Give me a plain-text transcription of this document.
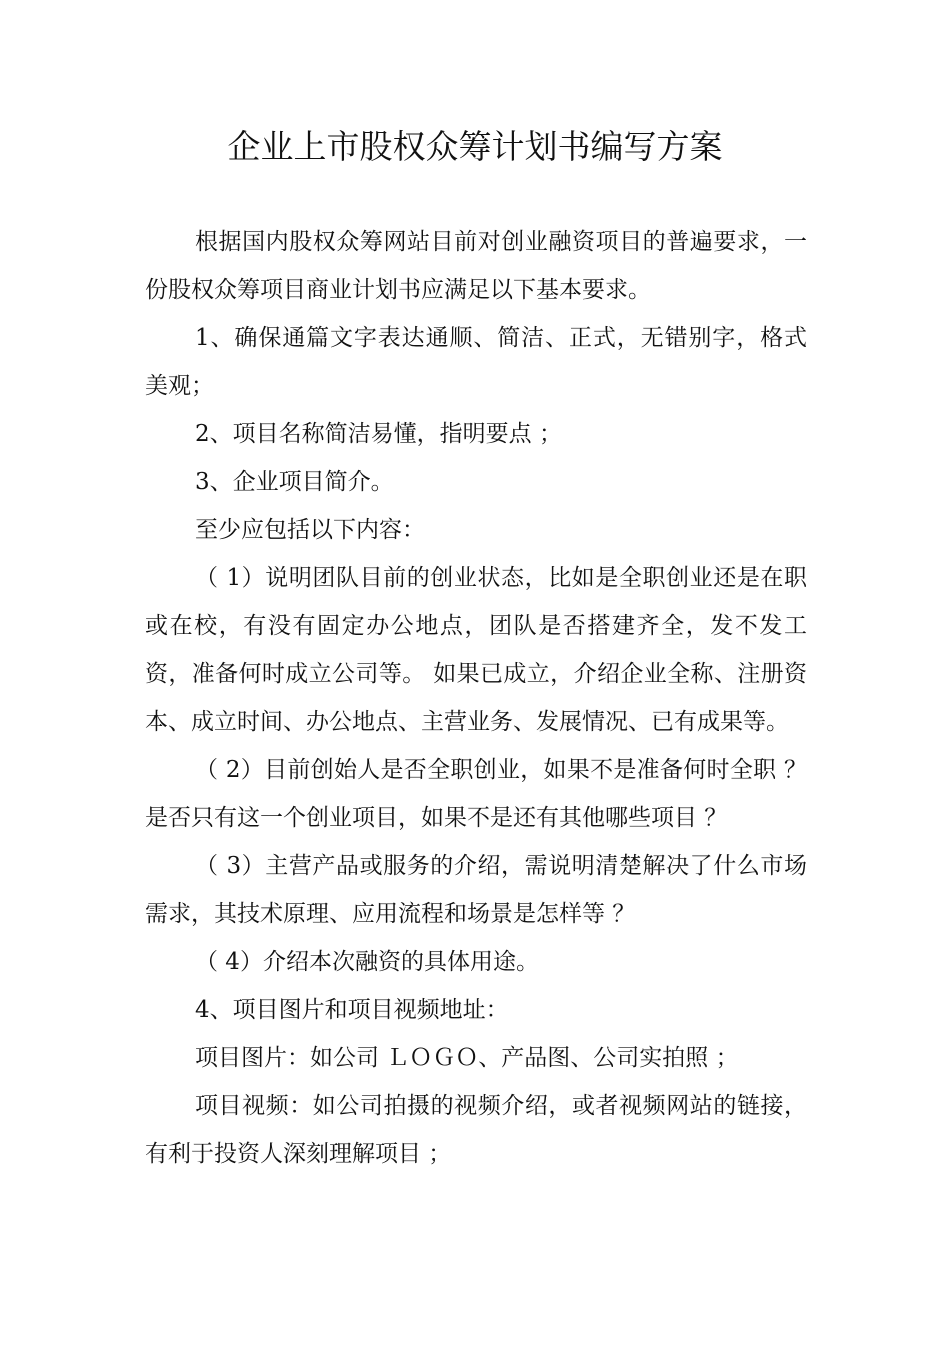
企业上市股权众筹计划书编写方案

根据国内股权众筹网站目前对创业融资项目的普遍要求，一份股权众筹项目商业计划书应满足以下基本要求。

1、确保通篇文字表达通顺、简洁、正式，无错别字，格式美观；

2、项目名称简洁易懂，指明要点 ；

3、企业项目简介。

至少应包括以下内容：

（ 1）说明团队目前的创业状态，比如是全职创业还是在职或在校，有没有固定办公地点，团队是否搭建齐全，发不发工资，准备何时成立公司等。 如果已成立，介绍企业全称、注册资本、成立时间、办公地点、主营业务、发展情况、已有成果等。

（ 2）目前创始人是否全职创业，如果不是准备何时全职 ？是否只有这一个创业项目，如果不是还有其他哪些项目 ？

（ 3）主营产品或服务的介绍，需说明清楚解决了什么市场需求，其技术原理、应用流程和场景是怎样等 ？

（ 4）介绍本次融资的具体用途。

4、项目图片和项目视频地址：

项目图片：如公司 ＬＯＧＯ、产品图、公司实拍照 ；

项目视频：如公司拍摄的视频介绍，或者视频网站的链接，有利于投资人深刻理解项目 ；
